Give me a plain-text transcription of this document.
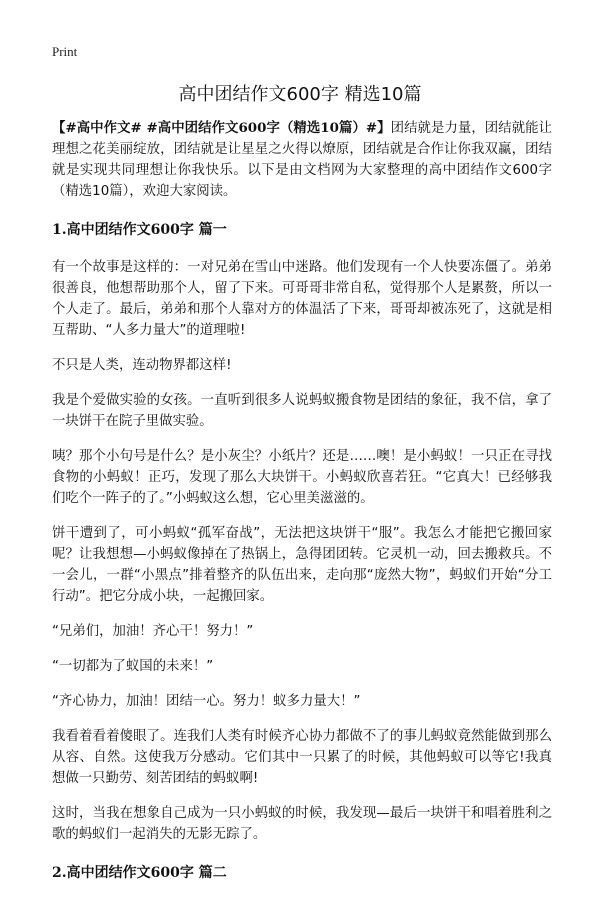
Print
高中团结作文600字 精选10篇

【#高中作文# #高中团结作文600字（精选10篇）#】团结就是力量，团结就能让理想之花美丽绽放，团结就是让星星之火得以燎原，团结就是合作让你我双赢，团结就是实现共同理想让你我快乐。以下是由文档网为大家整理的高中团结作文600字（精选10篇），欢迎大家阅读。

1.高中团结作文600字 篇一

有一个故事是这样的：一对兄弟在雪山中迷路。他们发现有一个人快要冻僵了。弟弟很善良，他想帮助那个人，留了下来。可哥哥非常自私，觉得那个人是累赘，所以一个人走了。最后，弟弟和那个人靠对方的体温活了下来，哥哥却被冻死了，这就是相互帮助、“人多力量大”的道理啦!

不只是人类，连动物界都这样!

我是个爱做实验的女孩。一直听到很多人说蚂蚁搬食物是团结的象征，我不信，拿了一块饼干在院子里做实验。

咦？那个小句号是什么？是小灰尘？小纸片？还是……噢！是小蚂蚁！一只正在寻找食物的小蚂蚁！正巧，发现了那么大块饼干。小蚂蚁欣喜若狂。“它真大！已经够我们吃个一阵子的了。”小蚂蚁这么想，它心里美滋滋的。

饼干遭到了，可小蚂蚁“孤军奋战”，无法把这块饼干“服”。我怎么才能把它搬回家呢？让我想想—小蚂蚁像掉在了热锅上，急得团团转。它灵机一动，回去搬救兵。不一会儿，一群“小黑点”排着整齐的队伍出来，走向那“庞然大物”，蚂蚁们开始“分工行动”。把它分成小块，一起搬回家。

“兄弟们，加油！齐心干！努力！”

“一切都为了蚁国的未来！”

“齐心协力，加油！团结一心。努力！蚁多力量大！”

我看着看着傻眼了。连我们人类有时候齐心协力都做不了的事儿蚂蚁竟然能做到那么从容、自然。这使我万分感动。它们其中一只累了的时候，其他蚂蚁可以等它!我真想做一只勤劳、刻苦团结的蚂蚁啊!

这时，当我在想象自己成为一只小蚂蚁的时候，我发现—最后一块饼干和唱着胜利之歌的蚂蚁们一起消失的无影无踪了。

2.高中团结作文600字 篇二
